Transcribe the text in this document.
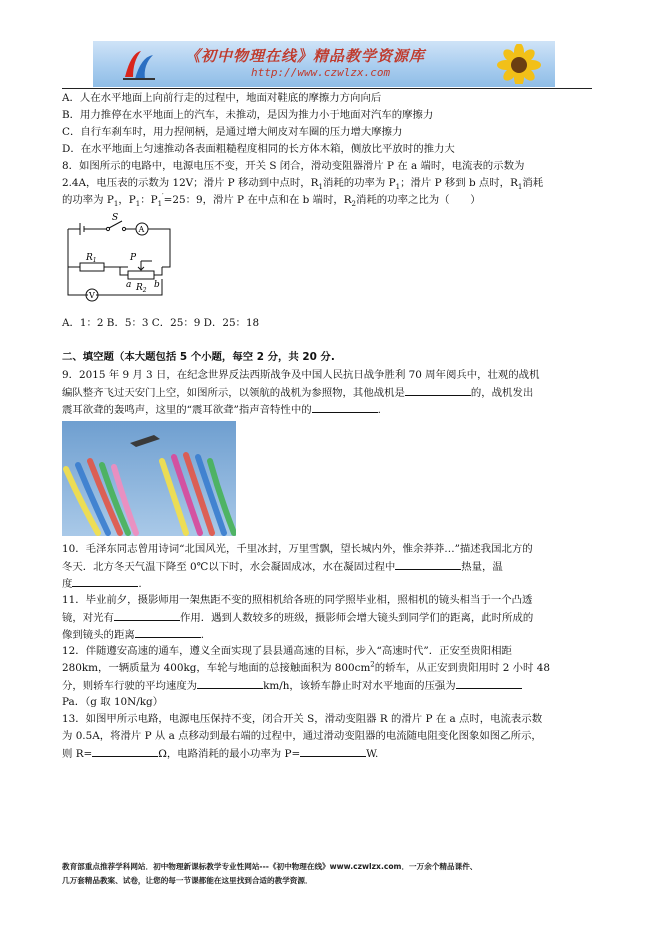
《初中物理在线》精品教学资源库
http://www.czwlzx.com
A．人在水平地面上向前行走的过程中，地面对鞋底的摩擦力方向向后
B．用力推停在水平地面上的汽车，未推动，是因为推力小于地面对汽车的摩擦力
C．自行车刹车时，用力捏闸柄，是通过增大闸皮对车圈的压力增大摩擦力
D．在水平地面上匀速推动各表面粗糙程度相同的长方体木箱，侧放比平放时的推力大
8．如图所示的电路中，电源电压不变，开关 S 闭合，滑动变阻器滑片 P 在 a 端时，电流表的示数为
2.4A，电压表的示数为 12V；滑片 P 移动到中点时，$R_1$消耗的功率为 $P_1$；滑片 P 移到 b 点时，$R_1$消耗
的功率为 $P_1$，$P_1$：$P_1'=25$：9，滑片 P 在中点和在 b 端时，$R_2$消耗的功率之比为（　　）
S
A
V
$R_1$	P
a $R_2$
b
A．1：2 B．5：3 C．25：9 D．25：18
二、填空题（本大题包括 5 个小题，每空 2 分，共 20 分.
9．2015 年 9 月 3 日，在纪念世界反法西斯战争及中国人民抗日战争胜利 70 周年阅兵中，壮观的战机
编队整齐飞过天安门上空，如图所示，以领航的战机为参照物，其他战机是	的，战机发出
震耳欲聋的轰鸣声，这里的“震耳欲聋”指声音特性中的	.
10．毛泽东同志曾用诗词“北国风光，千里冰封，万里雪飘，望长城内外，惟余莽莽…”描述我国北方的
冬天．北方冬天气温下降至 0℃以下时，水会凝固成冰，水在凝固过程中	热量，温
度	.
11．毕业前夕，摄影师用一架焦距不变的照相机给各班的同学照毕业相，照相机的镜头相当于一个凸透
镜，对光有	作用．遇到人数较多的班级，摄影师会增大镜头到同学们的距离，此时所成的
像到镜头的距离	.
12．伴随遵安高速的通车，遵义全面实现了县县通高速的目标，步入“高速时代”．正安至贵阳相距
280km，一辆质量为 400kg，车轮与地面的总接触面积为 $800cm^2$的轿车，从正安到贵阳用时 2 小时 48
分，则轿车行驶的平均速度为	km/h，该轿车静止时对水平地面的压强为
Pa．（g 取 10N/kg）
13．如图甲所示电路，电源电压保持不变，闭合开关 S，滑动变阻器 R 的滑片 P 在 a 点时，电流表示数
为 0.5A，将滑片 P 从 a 点移动到最右端的过程中，通过滑动变阻器的电流随电阻变化图象如图乙所示，
则 R=	Ω，电路消耗的最小功率为 P=	W.
教育部重点推荐学科网站．初中物理新课标教学专业性网站---《初中物理在线》www.czwlzx.com．一万余个精品课件、
几万套精品教案、试卷，让您的每一节课都能在这里找到合适的教学资源．
